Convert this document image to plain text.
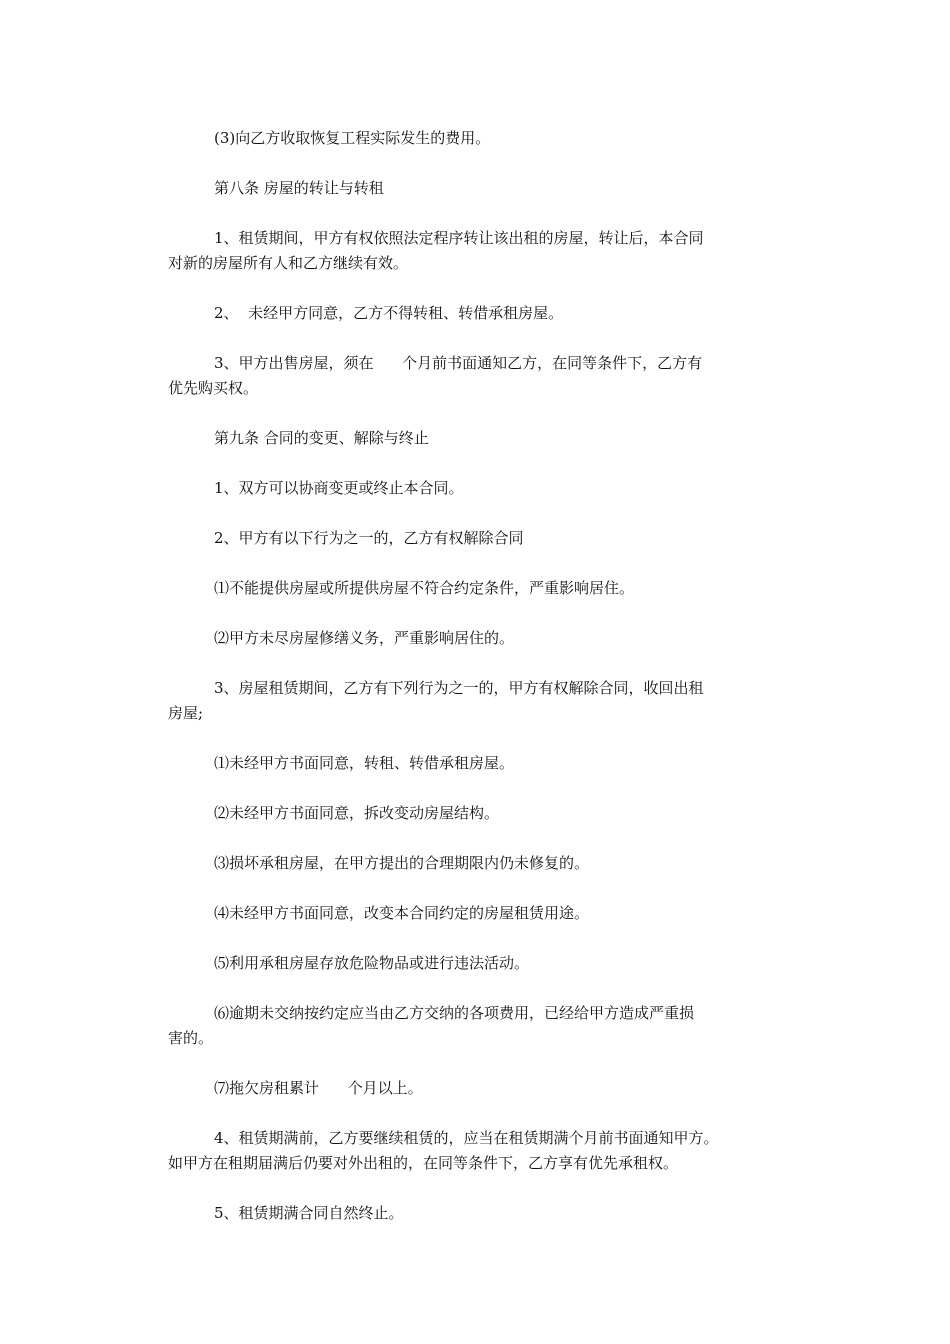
(3)向乙方收取恢复工程实际发生的费用。
第八条 房屋的转让与转租
1、租赁期间，甲方有权依照法定程序转让该出租的房屋，转让后，本合同
对新的房屋所有人和乙方继续有效。
2、  未经甲方同意，乙方不得转租、转借承租房屋。
3、甲方出售房屋，须在      个月前书面通知乙方，在同等条件下，乙方有
优先购买权。
第九条 合同的变更、解除与终止
1、双方可以协商变更或终止本合同。
2、甲方有以下行为之一的，乙方有权解除合同
⑴不能提供房屋或所提供房屋不符合约定条件，严重影响居住。
⑵甲方未尽房屋修缮义务，严重影响居住的。
3、房屋租赁期间，乙方有下列行为之一的，甲方有权解除合同，收回出租
房屋;
⑴未经甲方书面同意，转租、转借承租房屋。
⑵未经甲方书面同意，拆改变动房屋结构。
⑶损坏承租房屋，在甲方提出的合理期限内仍未修复的。
⑷未经甲方书面同意，改变本合同约定的房屋租赁用途。
⑸利用承租房屋存放危险物品或进行违法活动。
⑹逾期未交纳按约定应当由乙方交纳的各项费用，已经给甲方造成严重损
害的。
⑺拖欠房租累计      个月以上。
4、租赁期满前，乙方要继续租赁的，应当在租赁期满个月前书面通知甲方。
如甲方在租期届满后仍要对外出租的，在同等条件下，乙方享有优先承租权。
5、租赁期满合同自然终止。
